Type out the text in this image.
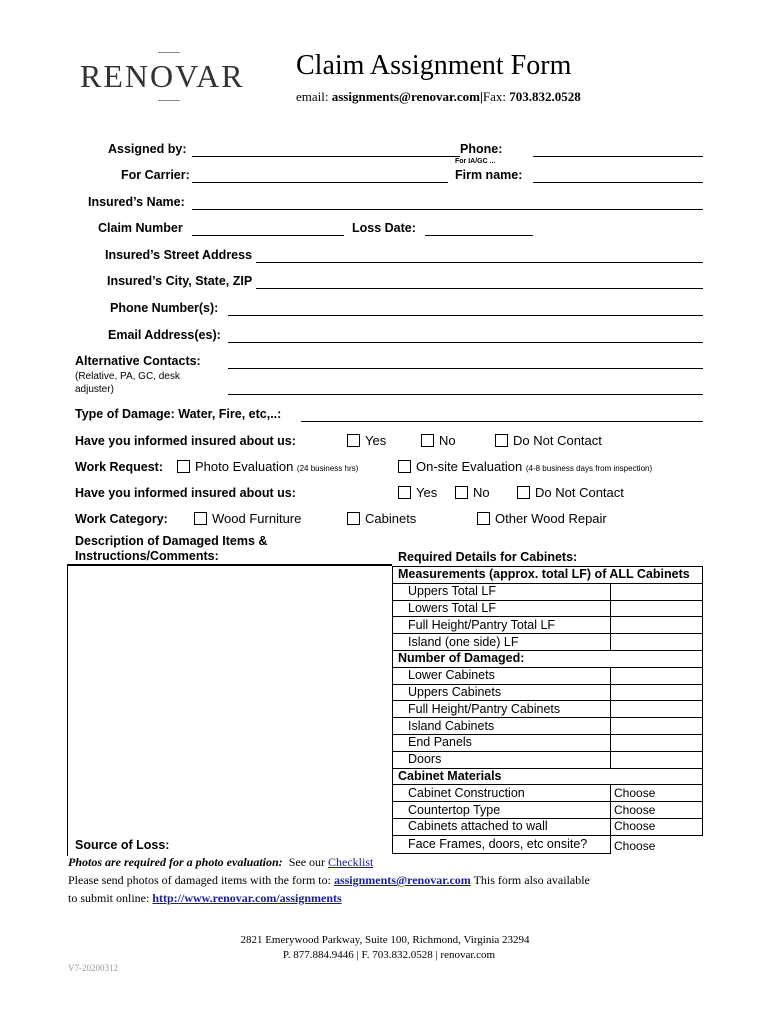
RENOVAR Claim Assignment Form
email: assignments@renovar.com|Fax: 703.832.0528
Assigned by:	Phone:
For IA/GC ...
For Carrier:	Firm name:
Insured’s Name:
Claim Number	Loss Date:
Insured’s Street Address
Insured’s City, State, ZIP
Phone Number(s):
Email Address(es):
Alternative Contacts:
(Relative, PA, GC, desk adjuster)
Type of Damage: Water, Fire, etc,..:
Have you informed insured about us:	Yes	No	Do Not Contact
Work Request:	Photo Evaluation (24 business hrs)	On-site Evaluation (4-8 business days from inspection)
Have you informed insured about us:	Yes	No	Do Not Contact
Work Category:	Wood Furniture	Cabinets	Other Wood Repair
Description of Damaged Items &
Instructions/Comments:
Source of Loss:
Required Details for Cabinets:
Measurements (approx. total LF) of ALL Cabinets	
Uppers Total LF	
Lowers Total LF	
Full Height/Pantry Total LF	
Island (one side) LF	
Number of Damaged:	
Lower Cabinets	
Uppers Cabinets	
Full Height/Pantry Cabinets	
Island Cabinets	
End Panels	
Doors	
Cabinet Materials	
Cabinet Construction	Choose
Countertop Type	Choose
Cabinets attached to wall	Choose
Face Frames, doors, etc onsite?	Choose
Photos are required for a photo evaluation: See our Checklist
Please send photos of damaged items with the form to: assignments@renovar.com This form also available
to submit online: http://www.renovar.com/assignments
2821 Emerywood Parkway, Suite 100, Richmond, Virginia 23294
P. 877.884.9446 | F. 703.832.0528 | renovar.com
V7-20200312
